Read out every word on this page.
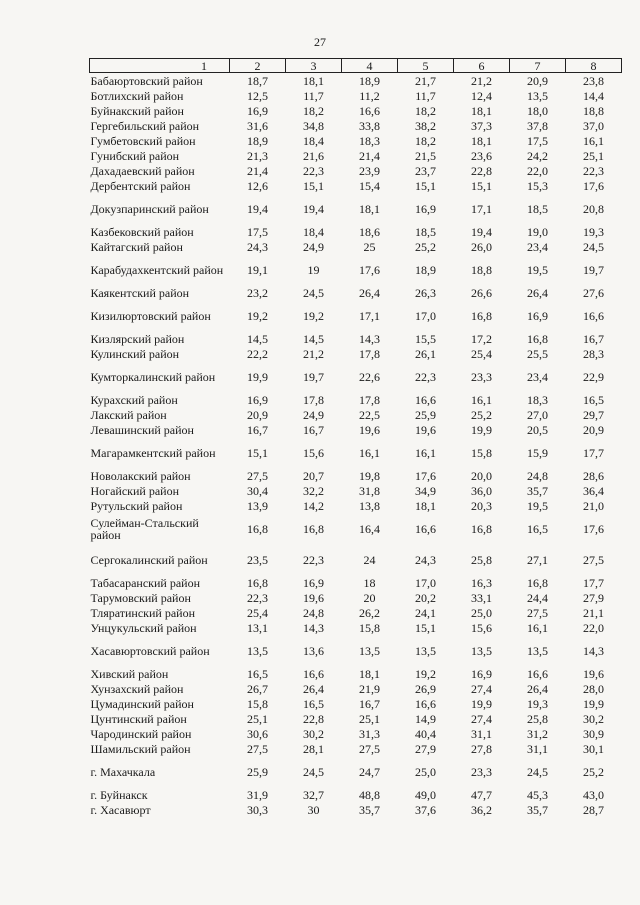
27
1	2	3	4	5	6	7	8
Бабаюртовский район	18,7	18,1	18,9	21,7	21,2	20,9	23,8
Ботлихский район	12,5	11,7	11,2	11,7	12,4	13,5	14,4
Буйнакский район	16,9	18,2	16,6	18,2	18,1	18,0	18,8
Гергебильский район	31,6	34,8	33,8	38,2	37,3	37,8	37,0
Гумбетовский район	18,9	18,4	18,3	18,2	18,1	17,5	16,1
Гунибский район	21,3	21,6	21,4	21,5	23,6	24,2	25,1
Дахадаевский район	21,4	22,3	23,9	23,7	22,8	22,0	22,3
Дербентский район	12,6	15,1	15,4	15,1	15,1	15,3	17,6
Докузпаринский район	19,4	19,4	18,1	16,9	17,1	18,5	20,8
Казбековский район	17,5	18,4	18,6	18,5	19,4	19,0	19,3
Кайтагский район	24,3	24,9	25	25,2	26,0	23,4	24,5
Карабудахкентский район	19,1	19	17,6	18,9	18,8	19,5	19,7
Каякентский район	23,2	24,5	26,4	26,3	26,6	26,4	27,6
Кизилюртовский район	19,2	19,2	17,1	17,0	16,8	16,9	16,6
Кизлярский район	14,5	14,5	14,3	15,5	17,2	16,8	16,7
Кулинский район	22,2	21,2	17,8	26,1	25,4	25,5	28,3
Кумторкалинский район	19,9	19,7	22,6	22,3	23,3	23,4	22,9
Курахский район	16,9	17,8	17,8	16,6	16,1	18,3	16,5
Лакский район	20,9	24,9	22,5	25,9	25,2	27,0	29,7
Левашинский район	16,7	16,7	19,6	19,6	19,9	20,5	20,9
Магарамкентский район	15,1	15,6	16,1	16,1	15,8	15,9	17,7
Новолакский район	27,5	20,7	19,8	17,6	20,0	24,8	28,6
Ногайский район	30,4	32,2	31,8	34,9	36,0	35,7	36,4
Рутульский район	13,9	14,2	13,8	18,1	20,3	19,5	21,0
Сулейман-Стальский район	16,8	16,8	16,4	16,6	16,8	16,5	17,6
Сергокалинский район	23,5	22,3	24	24,3	25,8	27,1	27,5
Табасаранский район	16,8	16,9	18	17,0	16,3	16,8	17,7
Тарумовский район	22,3	19,6	20	20,2	33,1	24,4	27,9
Тляратинский район	25,4	24,8	26,2	24,1	25,0	27,5	21,1
Унцукульский район	13,1	14,3	15,8	15,1	15,6	16,1	22,0
Хасавюртовский район	13,5	13,6	13,5	13,5	13,5	13,5	14,3
Хивский район	16,5	16,6	18,1	19,2	16,9	16,6	19,6
Хунзахский район	26,7	26,4	21,9	26,9	27,4	26,4	28,0
Цумадинский район	15,8	16,5	16,7	16,6	19,9	19,3	19,9
Цунтинский район	25,1	22,8	25,1	14,9	27,4	25,8	30,2
Чародинский район	30,6	30,2	31,3	40,4	31,1	31,2	30,9
Шамильский район	27,5	28,1	27,5	27,9	27,8	31,1	30,1
г. Махачкала	25,9	24,5	24,7	25,0	23,3	24,5	25,2
г. Буйнакск	31,9	32,7	48,8	49,0	47,7	45,3	43,0
г. Хасавюрт	30,3	30	35,7	37,6	36,2	35,7	28,7
